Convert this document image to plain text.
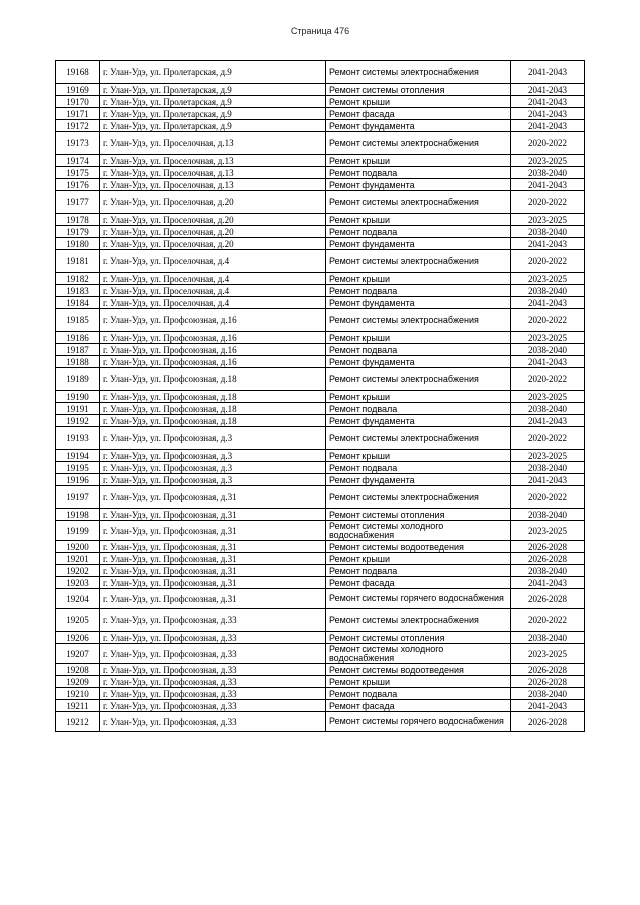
Страница 476
19168	г. Улан-Удэ, ул. Пролетарская, д.9	Ремонт системы электроснабжения	2041-2043
19169	г. Улан-Удэ, ул. Пролетарская, д.9	Ремонт системы отопления	2041-2043
19170	г. Улан-Удэ, ул. Пролетарская, д.9	Ремонт крыши	2041-2043
19171	г. Улан-Удэ, ул. Пролетарская, д.9	Ремонт фасада	2041-2043
19172	г. Улан-Удэ, ул. Пролетарская, д.9	Ремонт фундамента	2041-2043
19173	г. Улан-Удэ, ул. Проселочная, д.13	Ремонт системы электроснабжения	2020-2022
19174	г. Улан-Удэ, ул. Проселочная, д.13	Ремонт крыши	2023-2025
19175	г. Улан-Удэ, ул. Проселочная, д.13	Ремонт подвала	2038-2040
19176	г. Улан-Удэ, ул. Проселочная, д.13	Ремонт фундамента	2041-2043
19177	г. Улан-Удэ, ул. Проселочная, д.20	Ремонт системы электроснабжения	2020-2022
19178	г. Улан-Удэ, ул. Проселочная, д.20	Ремонт крыши	2023-2025
19179	г. Улан-Удэ, ул. Проселочная, д.20	Ремонт подвала	2038-2040
19180	г. Улан-Удэ, ул. Проселочная, д.20	Ремонт фундамента	2041-2043
19181	г. Улан-Удэ, ул. Проселочная, д.4	Ремонт системы электроснабжения	2020-2022
19182	г. Улан-Удэ, ул. Проселочная, д.4	Ремонт крыши	2023-2025
19183	г. Улан-Удэ, ул. Проселочная, д.4	Ремонт подвала	2038-2040
19184	г. Улан-Удэ, ул. Проселочная, д.4	Ремонт фундамента	2041-2043
19185	г. Улан-Удэ, ул. Профсоюзная, д.16	Ремонт системы электроснабжения	2020-2022
19186	г. Улан-Удэ, ул. Профсоюзная, д.16	Ремонт крыши	2023-2025
19187	г. Улан-Удэ, ул. Профсоюзная, д.16	Ремонт подвала	2038-2040
19188	г. Улан-Удэ, ул. Профсоюзная, д.16	Ремонт фундамента	2041-2043
19189	г. Улан-Удэ, ул. Профсоюзная, д.18	Ремонт системы электроснабжения	2020-2022
19190	г. Улан-Удэ, ул. Профсоюзная, д.18	Ремонт крыши	2023-2025
19191	г. Улан-Удэ, ул. Профсоюзная, д.18	Ремонт подвала	2038-2040
19192	г. Улан-Удэ, ул. Профсоюзная, д.18	Ремонт фундамента	2041-2043
19193	г. Улан-Удэ, ул. Профсоюзная, д.3	Ремонт системы электроснабжения	2020-2022
19194	г. Улан-Удэ, ул. Профсоюзная, д.3	Ремонт крыши	2023-2025
19195	г. Улан-Удэ, ул. Профсоюзная, д.3	Ремонт подвала	2038-2040
19196	г. Улан-Удэ, ул. Профсоюзная, д.3	Ремонт фундамента	2041-2043
19197	г. Улан-Удэ, ул. Профсоюзная, д.31	Ремонт системы электроснабжения	2020-2022
19198	г. Улан-Удэ, ул. Профсоюзная, д.31	Ремонт системы отопления	2038-2040
19199	г. Улан-Удэ, ул. Профсоюзная, д.31	Ремонт системы холодного водоснабжения	2023-2025
19200	г. Улан-Удэ, ул. Профсоюзная, д.31	Ремонт системы водоотведения	2026-2028
19201	г. Улан-Удэ, ул. Профсоюзная, д.31	Ремонт крыши	2026-2028
19202	г. Улан-Удэ, ул. Профсоюзная, д.31	Ремонт подвала	2038-2040
19203	г. Улан-Удэ, ул. Профсоюзная, д.31	Ремонт фасада	2041-2043
19204	г. Улан-Удэ, ул. Профсоюзная, д.31	Ремонт системы горячего водоснабжения	2026-2028
19205	г. Улан-Удэ, ул. Профсоюзная, д.33	Ремонт системы электроснабжения	2020-2022
19206	г. Улан-Удэ, ул. Профсоюзная, д.33	Ремонт системы отопления	2038-2040
19207	г. Улан-Удэ, ул. Профсоюзная, д.33	Ремонт системы холодного водоснабжения	2023-2025
19208	г. Улан-Удэ, ул. Профсоюзная, д.33	Ремонт системы водоотведения	2026-2028
19209	г. Улан-Удэ, ул. Профсоюзная, д.33	Ремонт крыши	2026-2028
19210	г. Улан-Удэ, ул. Профсоюзная, д.33	Ремонт подвала	2038-2040
19211	г. Улан-Удэ, ул. Профсоюзная, д.33	Ремонт фасада	2041-2043
19212	г. Улан-Удэ, ул. Профсоюзная, д.33	Ремонт системы горячего водоснабжения	2026-2028
